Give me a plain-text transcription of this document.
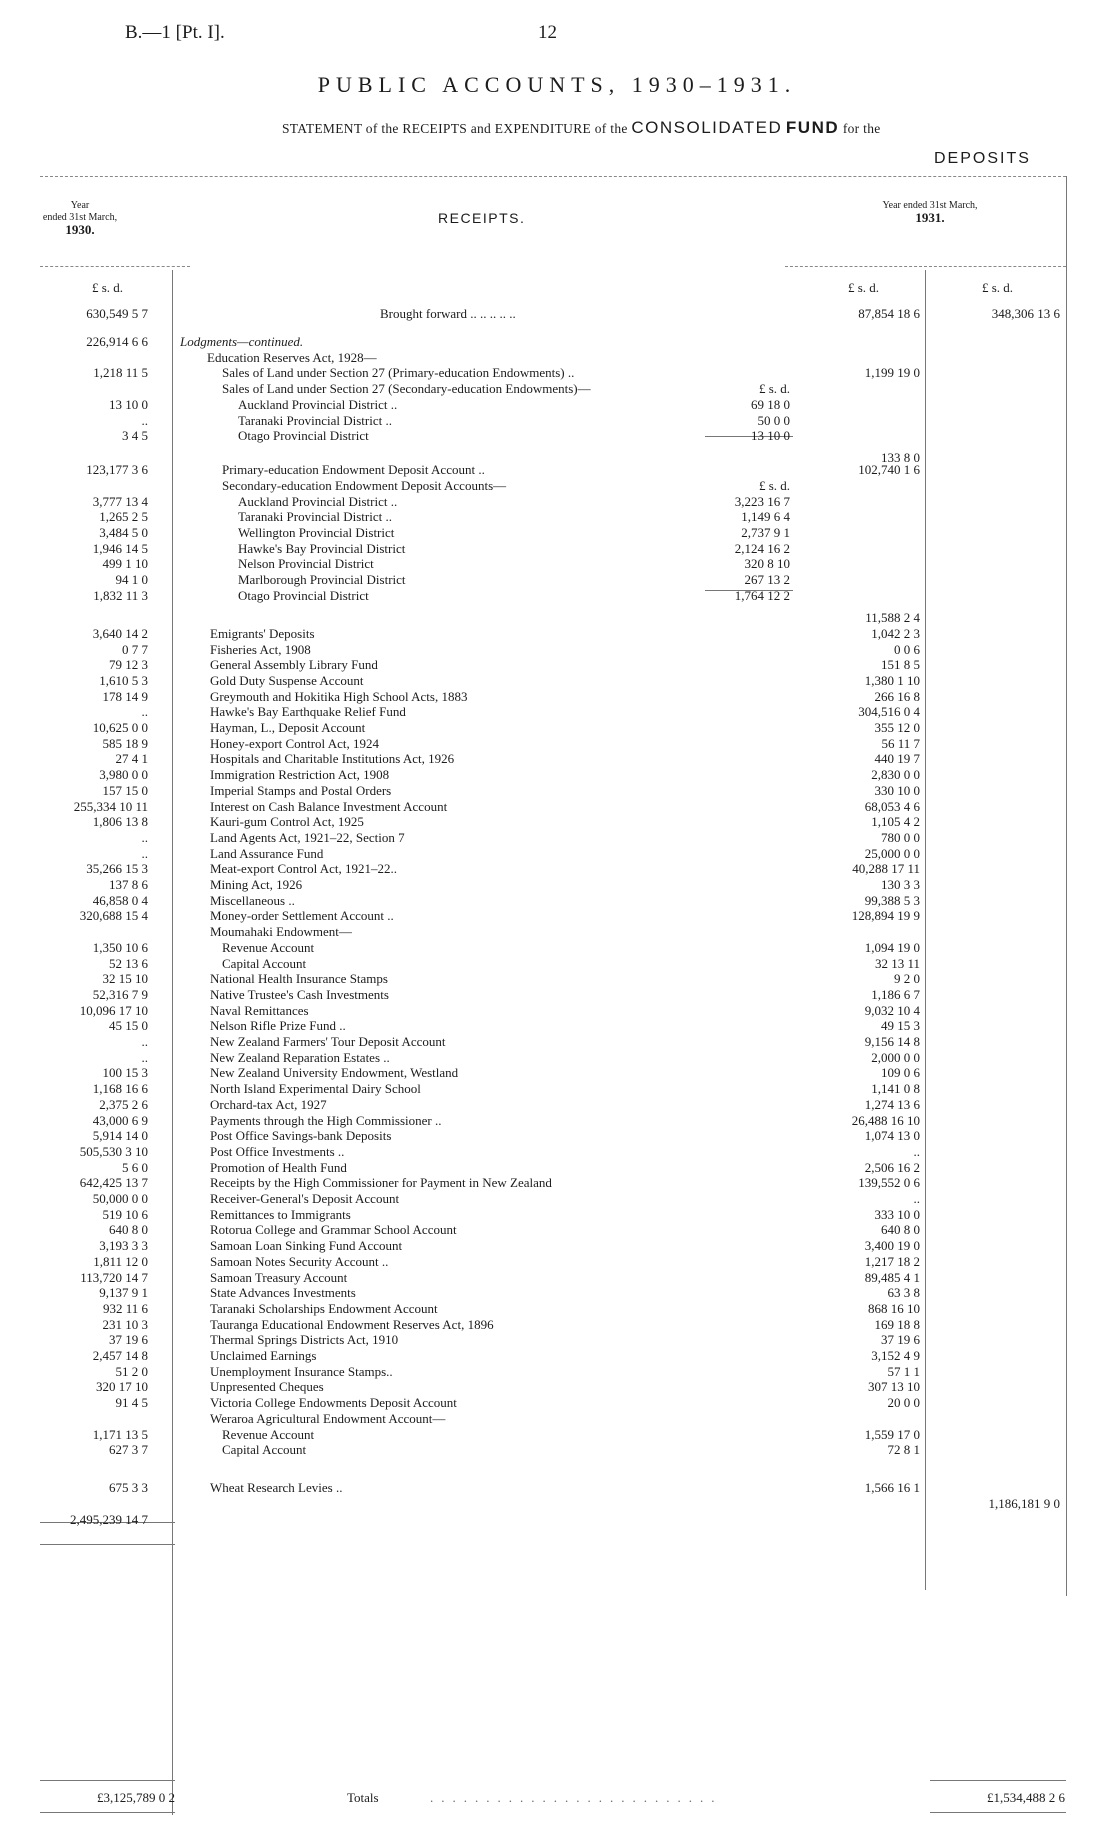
B.—1 [Pt. I].	12
PUBLIC ACCOUNTS, 1930–1931.
STATEMENT of the RECEIPTS and EXPENDITURE of the CONSOLIDATED FUND for the
DEPOSITS
Year
ended 31st March,
1930.
RECEIPTS.
Year ended 31st March,
1931.
£ s. d.	£ s. d.	£ s. d.
630,549 5 7	Brought forward .. .. .. .. ..	87,854 18 6	348,306 13 6
226,914 6 6 Lodgments—continued.
Education Reserves Act, 1928—
1,218 11 5	Sales of Land under Section 27 (Primary-education Endowments) ..	1,199 19 0
Sales of Land under Section 27 (Secondary-education Endowments)—	£ s. d.
13 10 0	Auckland Provincial District ..	69 18 0
..	Taranaki Provincial District ..	50 0 0
3 4 5	Otago Provincial District	13 10 0
133 8 0
123,177 3 6	Primary-education Endowment Deposit Account ..	102,740 1 6
Secondary-education Endowment Deposit Accounts—	£ s. d.
3,777 13 4	Auckland Provincial District ..	3,223 16 7
1,265 2 5	Taranaki Provincial District ..	1,149 6 4
3,484 5 0	Wellington Provincial District	2,737 9 1
1,946 14 5	Hawke's Bay Provincial District	2,124 16 2
499 1 10	Nelson Provincial District	320 8 10
94 1 0	Marlborough Provincial District	267 13 2
1,832 11 3	Otago Provincial District	1,764 12 2
11,588 2 4
3,640 14 2	Emigrants' Deposits	1,042 2 3
0 7 7	Fisheries Act, 1908	0 0 6
79 12 3	General Assembly Library Fund	151 8 5
1,610 5 3	Gold Duty Suspense Account	1,380 1 10
178 14 9	Greymouth and Hokitika High School Acts, 1883	266 16 8
..	Hawke's Bay Earthquake Relief Fund	304,516 0 4
10,625 0 0	Hayman, L., Deposit Account	355 12 0
585 18 9	Honey-export Control Act, 1924	56 11 7
27 4 1	Hospitals and Charitable Institutions Act, 1926	440 19 7
3,980 0 0	Immigration Restriction Act, 1908	2,830 0 0
157 15 0	Imperial Stamps and Postal Orders	330 10 0
255,334 10 11	Interest on Cash Balance Investment Account	68,053 4 6
1,806 13 8	Kauri-gum Control Act, 1925	1,105 4 2
..	Land Agents Act, 1921–22, Section 7	780 0 0
..	Land Assurance Fund	25,000 0 0
35,266 15 3	Meat-export Control Act, 1921–22..	40,288 17 11
137 8 6	Mining Act, 1926	130 3 3
46,858 0 4	Miscellaneous ..	99,388 5 3
320,688 15 4	Money-order Settlement Account ..	128,894 19 9
Moumahaki Endowment—
1,350 10 6	Revenue Account	1,094 19 0
52 13 6	Capital Account	32 13 11
32 15 10	National Health Insurance Stamps	9 2 0
52,316 7 9	Native Trustee's Cash Investments	1,186 6 7
10,096 17 10	Naval Remittances	9,032 10 4
45 15 0	Nelson Rifle Prize Fund ..	49 15 3
..	New Zealand Farmers' Tour Deposit Account	9,156 14 8
..	New Zealand Reparation Estates ..	2,000 0 0
100 15 3	New Zealand University Endowment, Westland	109 0 6
1,168 16 6	North Island Experimental Dairy School	1,141 0 8
2,375 2 6	Orchard-tax Act, 1927	1,274 13 6
43,000 6 9	Payments through the High Commissioner ..	26,488 16 10
5,914 14 0	Post Office Savings-bank Deposits	1,074 13 0
505,530 3 10	Post Office Investments ..	..
5 6 0	Promotion of Health Fund	2,506 16 2
642,425 13 7	Receipts by the High Commissioner for Payment in New Zealand	139,552 0 6
50,000 0 0	Receiver-General's Deposit Account	..
519 10 6	Remittances to Immigrants	333 10 0
640 8 0	Rotorua College and Grammar School Account	640 8 0
3,193 3 3	Samoan Loan Sinking Fund Account	3,400 19 0
1,811 12 0	Samoan Notes Security Account ..	1,217 18 2
113,720 14 7	Samoan Treasury Account	89,485 4 1
9,137 9 1	State Advances Investments	63 3 8
932 11 6	Taranaki Scholarships Endowment Account	868 16 10
231 10 3	Tauranga Educational Endowment Reserves Act, 1896	169 18 8
37 19 6	Thermal Springs Districts Act, 1910	37 19 6
2,457 14 8	Unclaimed Earnings	3,152 4 9
51 2 0	Unemployment Insurance Stamps..	57 1 1
320 17 10	Unpresented Cheques	307 13 10
91 4 5	Victoria College Endowments Deposit Account	20 0 0
Weraroa Agricultural Endowment Account—
1,171 13 5	Revenue Account	1,559 17 0
627 3 7	Capital Account	72 8 1
675 3 3	Wheat Research Levies ..	1,566 16 1
1,186,181 9 0
2,495,239 14 7
Totals	..........................
£3,125,789 0 2	£1,534,488 2 6
